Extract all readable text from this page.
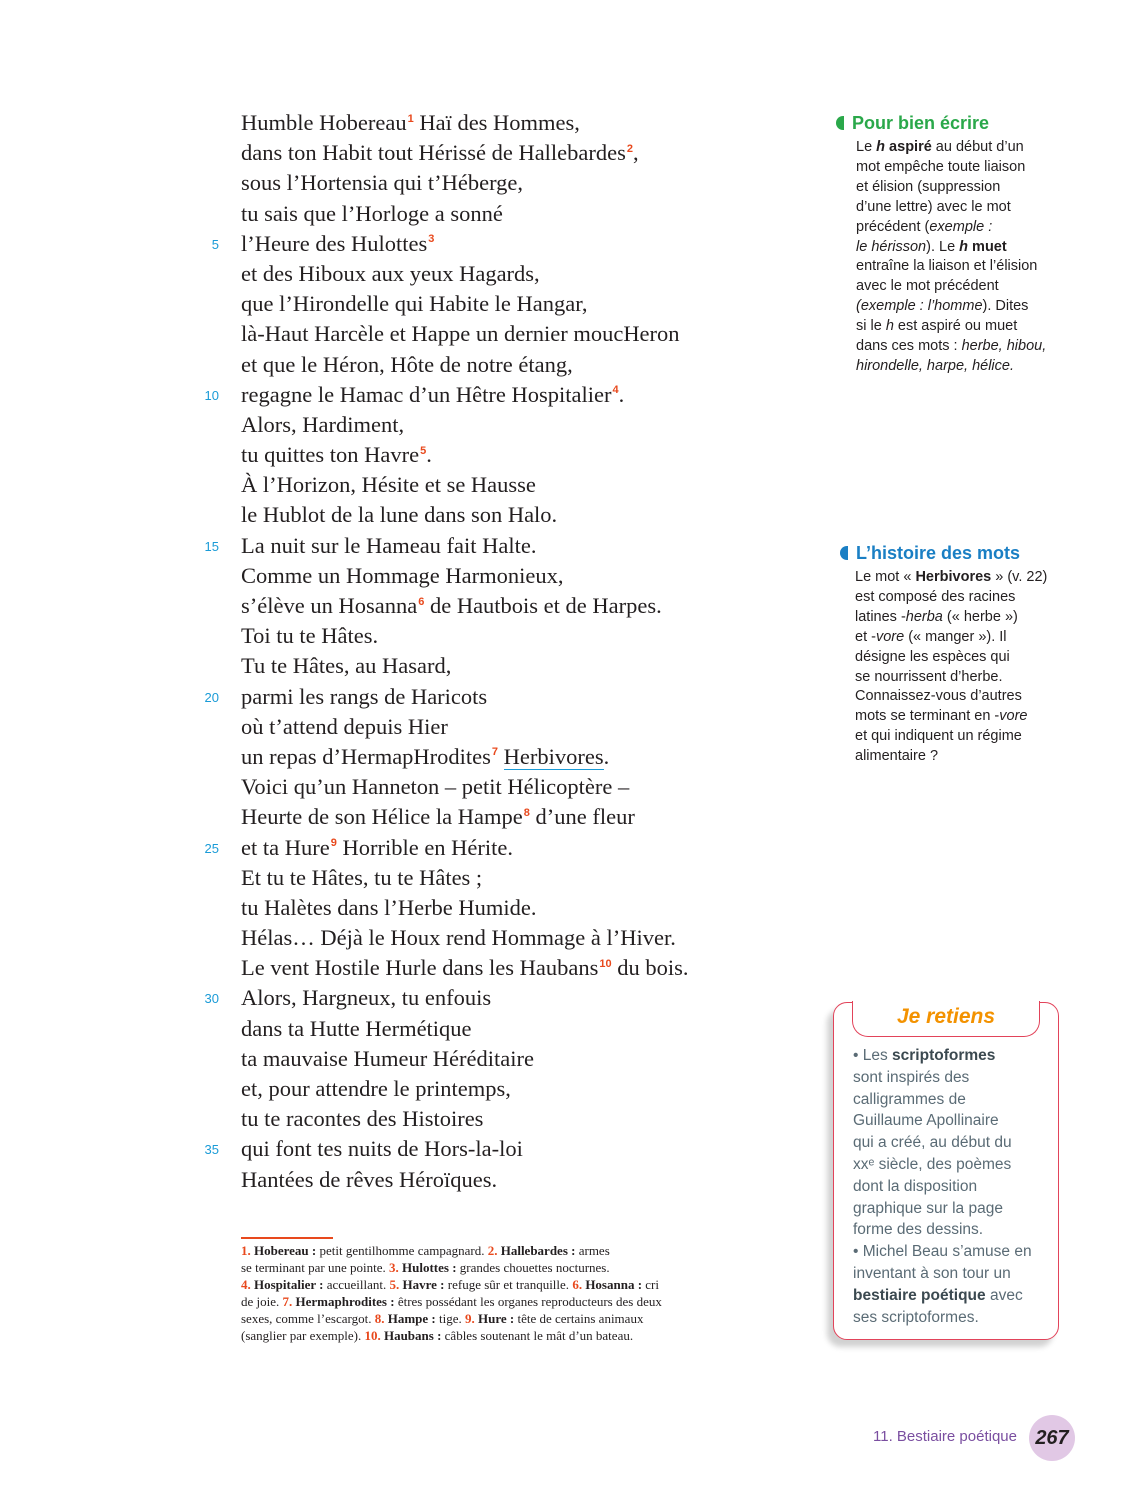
Humble Hobereau$^1$ Haï des Hommes,
dans ton Habit tout Hérissé de Hallebardes$^2$,
sous l’Hortensia qui t’Héberge,
tu sais que l’Horloge a sonné
5 l’Heure des Hulottes$^3$
et des Hiboux aux yeux Hagards,
que l’Hirondelle qui Habite le Hangar,
là-Haut Harcèle et Happe un dernier moucHeron
et que le Héron, Hôte de notre étang,
10 regagne le Hamac d’un Hêtre Hospitalier$^4$.
Alors, Hardiment,
tu quittes ton Havre$^5$.
À l’Horizon, Hésite et se Hausse
le Hublot de la lune dans son Halo.
15 La nuit sur le Hameau fait Halte.
Comme un Hommage Harmonieux,
s’élève un Hosanna$^6$ de Hautbois et de Harpes.
Toi tu te Hâtes.
Tu te Hâtes, au Hasard,
20 parmi les rangs de Haricots
où t’attend depuis Hier
un repas d’HermapHrodites$^7$ Herbivores.
Voici qu’un Hanneton – petit Hélicoptère –
Heurte de son Hélice la Hampe$^8$ d’une fleur
25 et ta Hure$^9$ Horrible en Hérite.
Et tu te Hâtes, tu te Hâtes ;
tu Halètes dans l’Herbe Humide.
Hélas… Déjà le Houx rend Hommage à l’Hiver.
Le vent Hostile Hurle dans les Haubans$^{10}$ du bois.
30 Alors, Hargneux, tu enfouis
dans ta Hutte Hermétique
ta mauvaise Humeur Héréditaire
et, pour attendre le printemps,
tu te racontes des Histoires
35 qui font tes nuits de Hors-la-loi
Hantées de rêves Héroïques.
1. Hobereau : petit gentilhomme campagnard. 2. Hallebardes : armes
se terminant par une pointe. 3. Hulottes : grandes chouettes nocturnes.
4. Hospitalier : accueillant. 5. Havre : refuge sûr et tranquille. 6. Hosanna : cri
de joie. 7. Hermaphrodites : êtres possédant les organes reproducteurs des deux
sexes, comme l’escargot. 8. Hampe : tige. 9. Hure : tête de certains animaux
(sanglier par exemple). 10. Haubans : câbles soutenant le mât d’un bateau.
Pour bien écrire
Le h aspiré au début d’un
mot empêche toute liaison
et élision (suppression
d’une lettre) avec le mot
précédent (exemple :
le hérisson). Le h muet
entraîne la liaison et l’élision
avec le mot précédent
(exemple : l’homme). Dites
si le h est aspiré ou muet
dans ces mots : herbe, hibou,
hirondelle, harpe, hélice.
L’histoire des mots
Le mot « Herbivores » (v. 22)
est composé des racines
latines -herba (« herbe »)
et -vore (« manger »). Il
désigne les espèces qui
se nourrissent d’herbe.
Connaissez-vous d’autres
mots se terminant en -vore
et qui indiquent un régime
alimentaire ?
Je retiens
• Les scriptoformes
sont inspirés des
calligrammes de
Guillaume Apollinaire
qui a créé, au début du
xxᵉ siècle, des poèmes
dont la disposition
graphique sur la page
forme des dessins.
• Michel Beau s’amuse en
inventant à son tour un
bestiaire poétique avec
ses scriptoformes.
11. Bestiaire poétique 267
